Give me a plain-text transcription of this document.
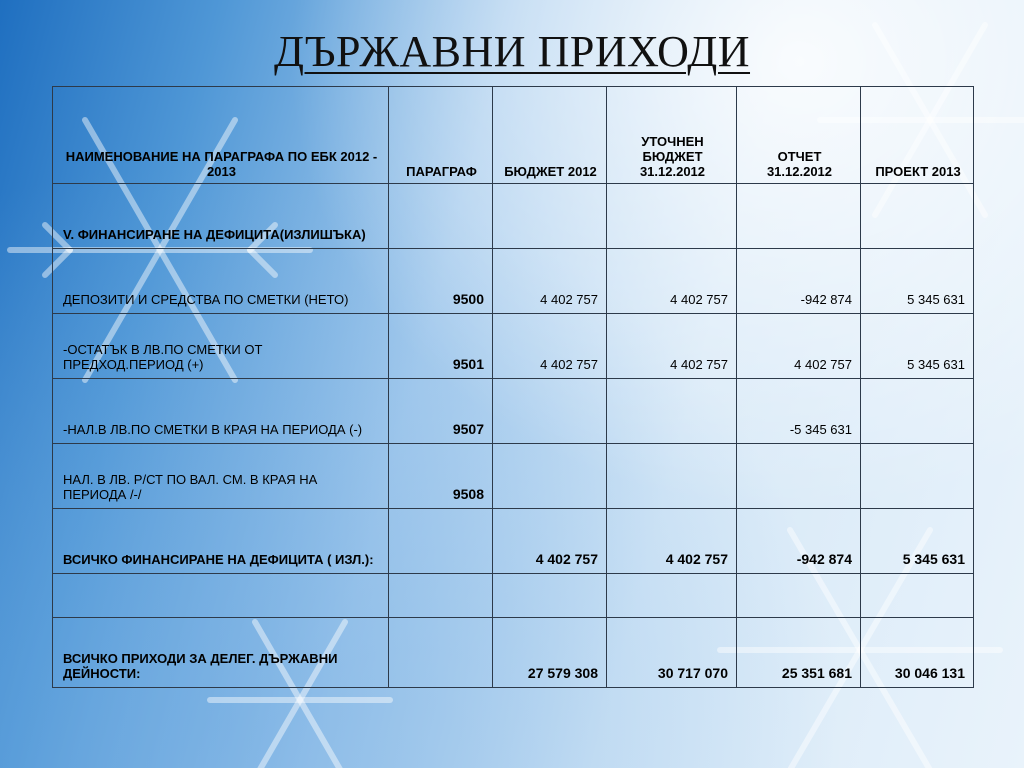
ДЪРЖАВНИ ПРИХОДИ
НАИМЕНОВАНИЕ НА ПАРАГРАФА ПО ЕБК 2012 - 2013	ПАРАГРАФ	БЮДЖЕТ 2012	УТОЧНЕН БЮДЖЕТ 31.12.2012	ОТЧЕТ 31.12.2012	ПРОЕКТ 2013
V. ФИНАНСИРАНЕ НА ДЕФИЦИТА(ИЗЛИШЪКА)					
ДЕПОЗИТИ И СРЕДСТВА ПО СМЕТКИ (НЕТО)	9500	4 402 757	4 402 757	-942 874	5 345 631
-ОСТАТЪК В ЛВ.ПО СМЕТКИ ОТ ПРЕДХОД.ПЕРИОД (+)	9501	4 402 757	4 402 757	4 402 757	5 345 631
-НАЛ.В ЛВ.ПО СМЕТКИ В КРАЯ НА ПЕРИОДА (-)	9507			-5 345 631	
НАЛ. В ЛВ. Р/СТ ПО ВАЛ. СМ. В КРАЯ НА ПЕРИОДА /-/	9508				
ВСИЧКО ФИНАНСИРАНЕ НА ДЕФИЦИТА ( ИЗЛ.):		4 402 757	4 402 757	-942 874	5 345 631

ВСИЧКО ПРИХОДИ ЗА ДЕЛЕГ. ДЪРЖАВНИ ДЕЙНОСТИ:		27 579 308	30 717 070	25 351 681	30 046 131
